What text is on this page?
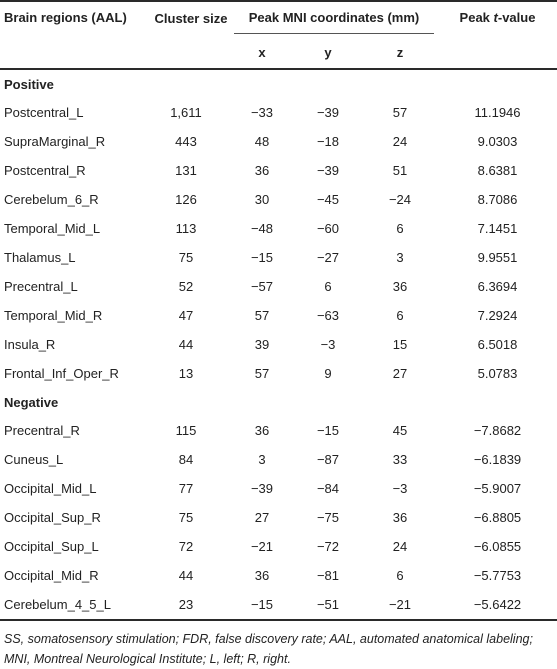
Brain regions (AAL)	Cluster size	Peak MNI coordinates (mm)			Peak t-value
		x	y	z	
Positive					
Postcentral_L	1,611	−33	−39	57	11.1946
SupraMarginal_R	443	48	−18	24	9.0303
Postcentral_R	131	36	−39	51	8.6381
Cerebelum_6_R	126	30	−45	−24	8.7086
Temporal_Mid_L	113	−48	−60	6	7.1451
Thalamus_L	75	−15	−27	3	9.9551
Precentral_L	52	−57	6	36	6.3694
Temporal_Mid_R	47	57	−63	6	7.2924
Insula_R	44	39	−3	15	6.5018
Frontal_Inf_Oper_R	13	57	9	27	5.0783
Negative					
Precentral_R	115	36	−15	45	−7.8682
Cuneus_L	84	3	−87	33	−6.1839
Occipital_Mid_L	77	−39	−84	−3	−5.9007
Occipital_Sup_R	75	27	−75	36	−6.8805
Occipital_Sup_L	72	−21	−72	24	−6.0855
Occipital_Mid_R	44	36	−81	6	−5.7753
Cerebelum_4_5_L	23	−15	−51	−21	−5.6422
SS, somatosensory stimulation; FDR, false discovery rate; AAL, automated anatomical labeling; MNI, Montreal Neurological Institute; L, left; R, right.
